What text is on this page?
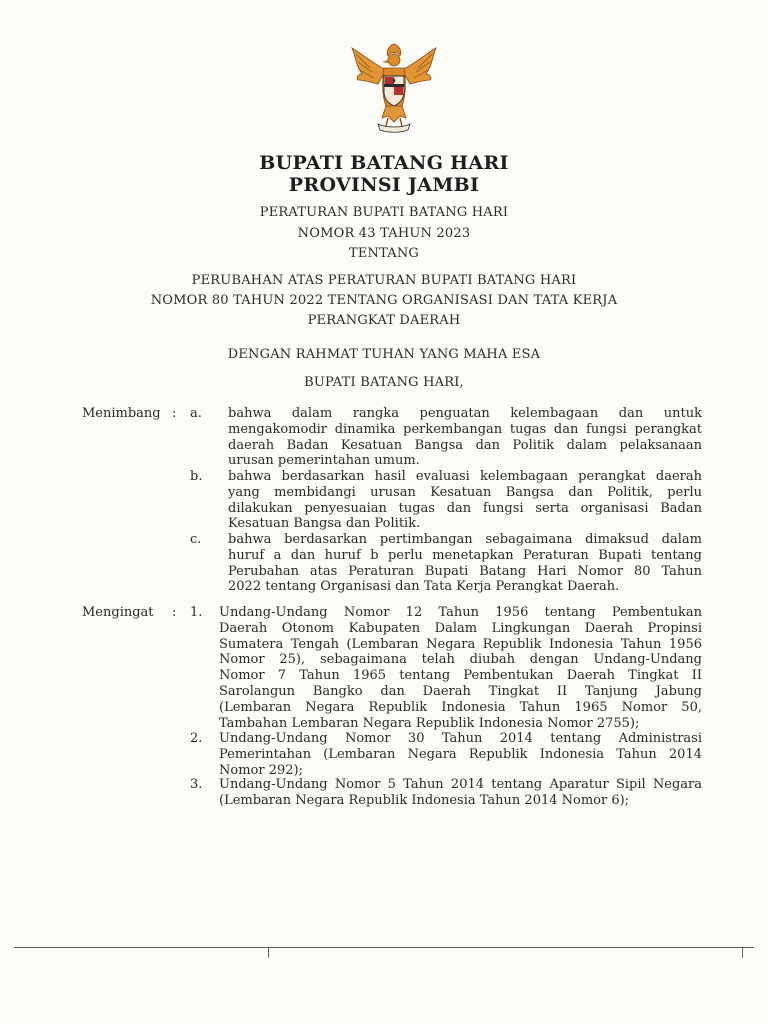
BUPATI BATANG HARI
PROVINSI JAMBI
PERATURAN BUPATI BATANG HARI
NOMOR 43 TAHUN 2023
TENTANG
PERUBAHAN ATAS PERATURAN BUPATI BATANG HARI
NOMOR 80 TAHUN 2022 TENTANG ORGANISASI DAN TATA KERJA
PERANGKAT DAERAH
DENGAN RAHMAT TUHAN YANG MAHA ESA
BUPATI BATANG HARI,
Menimbang : a. bahwa dalam rangka penguatan kelembagaan dan untuk
mengakomodir dinamika perkembangan tugas dan fungsi perangkat
daerah Badan Kesatuan Bangsa dan Politik dalam pelaksanaan
urusan pemerintahan umum.
b. bahwa berdasarkan hasil evaluasi kelembagaan perangkat daerah
yang membidangi urusan Kesatuan Bangsa dan Politik, perlu
dilakukan penyesuaian tugas dan fungsi serta organisasi Badan
Kesatuan Bangsa dan Politik.
c. bahwa berdasarkan pertimbangan sebagaimana dimaksud dalam
huruf a dan huruf b perlu menetapkan Peraturan Bupati tentang
Perubahan atas Peraturan Bupati Batang Hari Nomor 80 Tahun
2022 tentang Organisasi dan Tata Kerja Perangkat Daerah.
Mengingat : 1. Undang-Undang Nomor 12 Tahun 1956 tentang Pembentukan
Daerah Otonom Kabupaten Dalam Lingkungan Daerah Propinsi
Sumatera Tengah (Lembaran Negara Republik Indonesia Tahun 1956
Nomor 25), sebagaimana telah diubah dengan Undang-Undang
Nomor 7 Tahun 1965 tentang Pembentukan Daerah Tingkat II
Sarolangun Bangko dan Daerah Tingkat II Tanjung Jabung
(Lembaran Negara Republik Indonesia Tahun 1965 Nomor 50,
Tambahan Lembaran Negara Republik Indonesia Nomor 2755);
2. Undang-Undang Nomor 30 Tahun 2014 tentang Administrasi
Pemerintahan (Lembaran Negara Republik Indonesia Tahun 2014
Nomor 292);
3. Undang-Undang Nomor 5 Tahun 2014 tentang Aparatur Sipil Negara
(Lembaran Negara Republik Indonesia Tahun 2014 Nomor 6);
